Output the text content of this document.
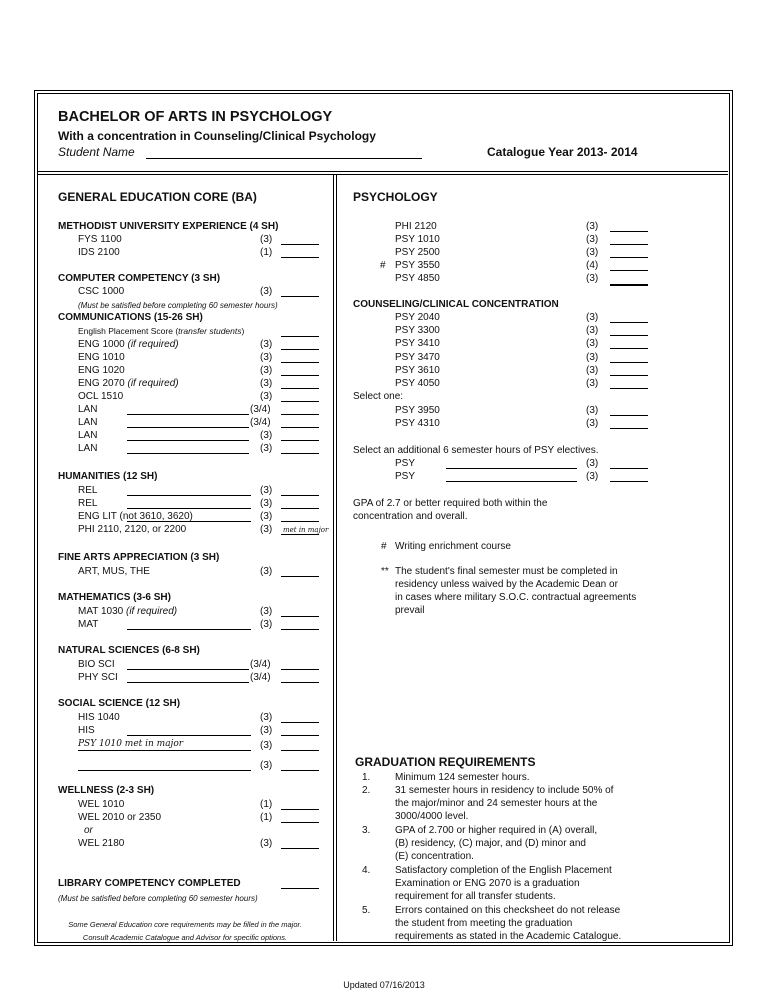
BACHELOR OF ARTS IN PSYCHOLOGY
With a concentration in Counseling/Clinical Psychology
Student Name	Catalogue Year 2013- 2014
GENERAL EDUCATION CORE (BA)
METHODIST UNIVERSITY EXPERIENCE (4 SH)
FYS 1100	(3)
IDS 2100	(1)
COMPUTER COMPETENCY (3 SH)
CSC 1000	(3)
(Must be satisfied before completing 60 semester hours)
COMMUNICATIONS (15-26 SH)
English Placement Score (transfer students)
ENG 1000 (if required)	(3)
ENG 1010	(3)
ENG 1020	(3)
ENG 2070 (if required)	(3)
OCL 1510	(3)
LAN	(3/4)
LAN	(3/4)
LAN	(3)
LAN	(3)
HUMANITIES (12 SH)
REL	(3)
REL	(3)
ENG LIT (not 3610, 3620)	(3)
PHI 2110, 2120, or 2200	(3) met in major
FINE ARTS APPRECIATION (3 SH)
ART, MUS, THE	(3)
MATHEMATICS (3-6 SH)
MAT 1030 (if required)	(3)
MAT	(3)
NATURAL SCIENCES (6-8 SH)
BIO SCI	(3/4)
PHY SCI	(3/4)
SOCIAL SCIENCE (12 SH)
HIS 1040	(3)
HIS	(3)
PSY 1010 met in major	(3)
(3)
WELLNESS (2-3 SH)
WEL 1010	(1)
WEL 2010 or 2350	(1)
or
WEL 2180	(3)
LIBRARY COMPETENCY COMPLETED
(Must be satisfied before completing 60 semester hours)
Some General Education core requirements may be filled in the major.
Consult Academic Catalogue and Advisor for specific options.
PSYCHOLOGY
PHI 2120	(3)
PSY 1010	(3)
PSY 2500	(3)
# PSY 3550	(4)
PSY 4850	(3)
COUNSELING/CLINICAL CONCENTRATION
PSY 2040	(3)
PSY 3300	(3)
PSY 3410	(3)
PSY 3470	(3)
PSY 3610	(3)
PSY 4050	(3)
Select one:
PSY 3950	(3)
PSY 4310	(3)
Select an additional 6 semester hours of PSY electives.
PSY	(3)
PSY	(3)
GPA of 2.7 or better required both within the
concentration and overall.
# Writing enrichment course
** The student's final semester must be completed in
residency unless waived by the Academic Dean or
in cases where military S.O.C. contractual agreements
prevail
GRADUATION REQUIREMENTS
1. Minimum 124 semester hours.
2. 31 semester hours in residency to include 50% of
the major/minor and 24 semester hours at the
3000/4000 level.
3. GPA of 2.700 or higher required in (A) overall,
(B) residency, (C) major, and (D) minor and
(E) concentration.
4. Satisfactory completion of the English Placement
Examination or ENG 2070 is a graduation
requirement for all transfer students.
5. Errors contained on this checksheet do not release
the student from meeting the graduation
requirements as stated in the Academic Catalogue.
Updated 07/16/2013
